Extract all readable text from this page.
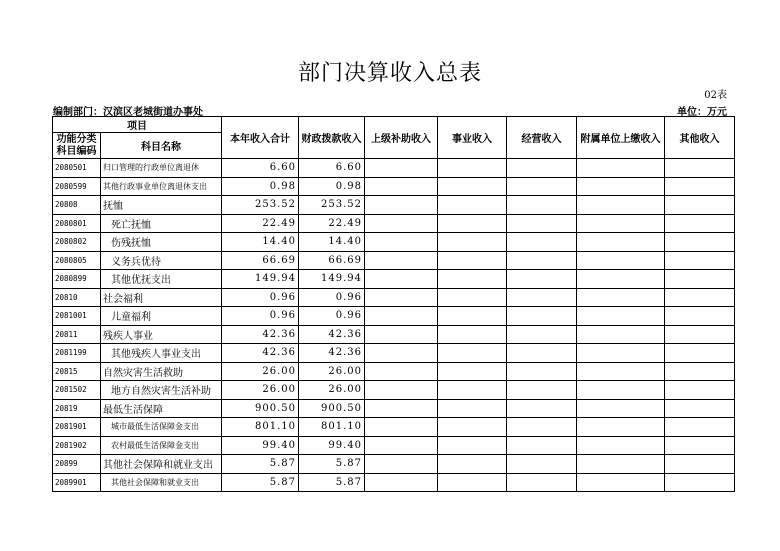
部门决算收入总表
02表
编制部门：汉滨区老城街道办事处	单位：万元
项目		本年收入合计	财政拨款收入	上级补助收入	事业收入	经营收入	附属单位上缴收入	其他收入
功能分类科目编码	科目名称							
2080501	归口管理的行政单位离退休	6.60	6.60					
2080599	其他行政事业单位离退休支出	0.98	0.98					
20808	抚恤	253.52	253.52					
2080801	死亡抚恤	22.49	22.49					
2080802	伤残抚恤	14.40	14.40					
2080805	义务兵优待	66.69	66.69					
2080899	其他优抚支出	149.94	149.94					
20810	社会福利	0.96	0.96					
2081001	儿童福利	0.96	0.96					
20811	残疾人事业	42.36	42.36					
2081199	其他残疾人事业支出	42.36	42.36					
20815	自然灾害生活救助	26.00	26.00					
2081502	地方自然灾害生活补助	26.00	26.00					
20819	最低生活保障	900.50	900.50					
2081901	城市最低生活保障金支出	801.10	801.10					
2081902	农村最低生活保障金支出	99.40	99.40					
20899	其他社会保障和就业支出	5.87	5.87					
2089901	其他社会保障和就业支出	5.87	5.87					
